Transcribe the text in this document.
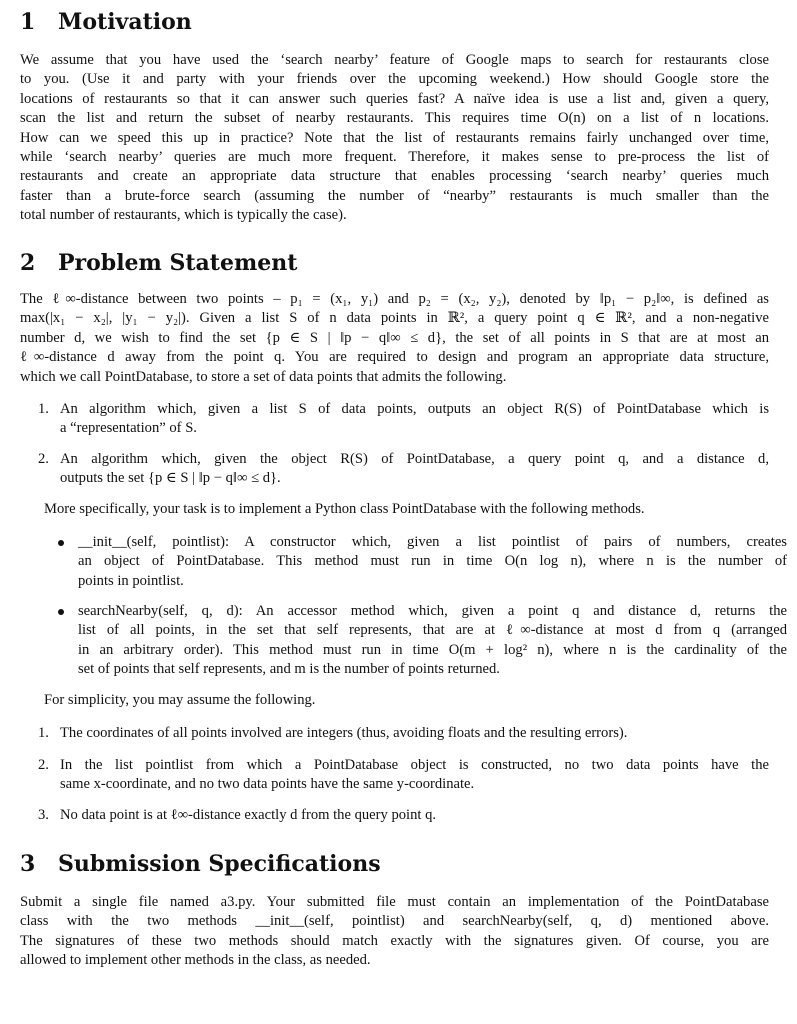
1 Motivation
We assume that you have used the ‘search nearby’ feature of Google maps to search for restaurants close
to you. (Use it and party with your friends over the upcoming weekend.) How should Google store the
locations of restaurants so that it can answer such queries fast? A naïve idea is use a list and, given a query,
scan the list and return the subset of nearby restaurants. This requires time O(n) on a list of n locations.
How can we speed this up in practice? Note that the list of restaurants remains fairly unchanged over time,
while ‘search nearby’ queries are much more frequent. Therefore, it makes sense to pre-process the list of
restaurants and create an appropriate data structure that enables processing ‘search nearby’ queries much
faster than a brute-force search (assuming the number of “nearby” restaurants is much smaller than the
total number of restaurants, which is typically the case).
2 Problem Statement
The ℓ∞-distance between two points – p₁ = (x₁, y₁) and p₂ = (x₂, y₂), denoted by ‖p₁ − p₂‖∞, is defined as
max(|x₁ − x₂|, |y₁ − y₂|). Given a list S of n data points in ℝ², a query point q ∈ ℝ², and a non-negative
number d, we wish to find the set {p ∈ S | ‖p − q‖∞ ≤ d}, the set of all points in S that are at most an
ℓ∞-distance d away from the point q. You are required to design and program an appropriate data structure,
which we call PointDatabase, to store a set of data points that admits the following.
1. An algorithm which, given a list S of data points, outputs an object R(S) of PointDatabase which is
a “representation” of S.
2. An algorithm which, given the object R(S) of PointDatabase, a query point q, and a distance d,
outputs the set {p ∈ S | ‖p − q‖∞ ≤ d}.
More specifically, your task is to implement a Python class PointDatabase with the following methods.
__init__(self, pointlist): A constructor which, given a list pointlist of pairs of numbers, creates
an object of PointDatabase. This method must run in time O(n log n), where n is the number of
points in pointlist.
searchNearby(self, q, d): An accessor method which, given a point q and distance d, returns the
list of all points, in the set that self represents, that are at ℓ∞-distance at most d from q (arranged
in an arbitrary order). This method must run in time O(m + log² n), where n is the cardinality of the
set of points that self represents, and m is the number of points returned.
For simplicity, you may assume the following.
1. The coordinates of all points involved are integers (thus, avoiding floats and the resulting errors).
2. In the list pointlist from which a PointDatabase object is constructed, no two data points have the
same x-coordinate, and no two data points have the same y-coordinate.
3. No data point is at ℓ∞-distance exactly d from the query point q.
3 Submission Specifications
Submit a single file named a3.py. Your submitted file must contain an implementation of the PointDatabase
class with the two methods __init__(self, pointlist) and searchNearby(self, q, d) mentioned above.
The signatures of these two methods should match exactly with the signatures given. Of course, you are
allowed to implement other methods in the class, as needed.
